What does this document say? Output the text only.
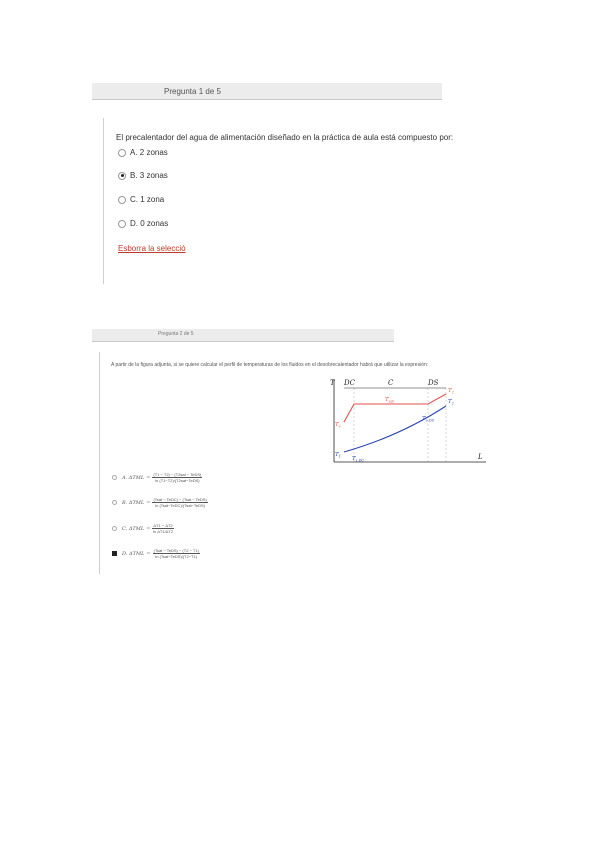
Pregunta 1 de 5
El precalentador del agua de alimentación diseñado en la práctica de aula está compuesto por:
A. 2 zonas
B. 3 zonas
C. 1 zona
D. 0 zonas
Esborra la selecció
Pregunta 2 de 5
A partir de la figura adjunta, si se quiere calcular el perfil de temperaturas de los fluidos en el desobrecalentador habrá que utilizar la expresión:
T DC	C	DS
$T_{sat}$
$T_v$
$T_2$
$T_2$
$T_{e DS}$
$T_1$ $T_{s DC}$	L
A. $\Delta TML = \frac{\text{(T1 − T2) − (T2sat − TeDS)}}{\text{ln (T1−T2)/(T2sat−TeDS)}}$
B. $\Delta TML = \frac{\text{(Tsat − TeDC) − (Tsat − TeDS)}}{\text{ln (Tsat−TeDC)/(Tsat−TeDS)}}$
C. $\Delta TML = \frac{\Delta T1 - \Delta T2}{\text{ln ΔT1/ΔT2}}$
D. $\Delta TML = \frac{\text{(Tsat − TeDS) − (T2 − T1)}}{\text{ln (Tsat−TeDS)/(T2−T1)}}$
